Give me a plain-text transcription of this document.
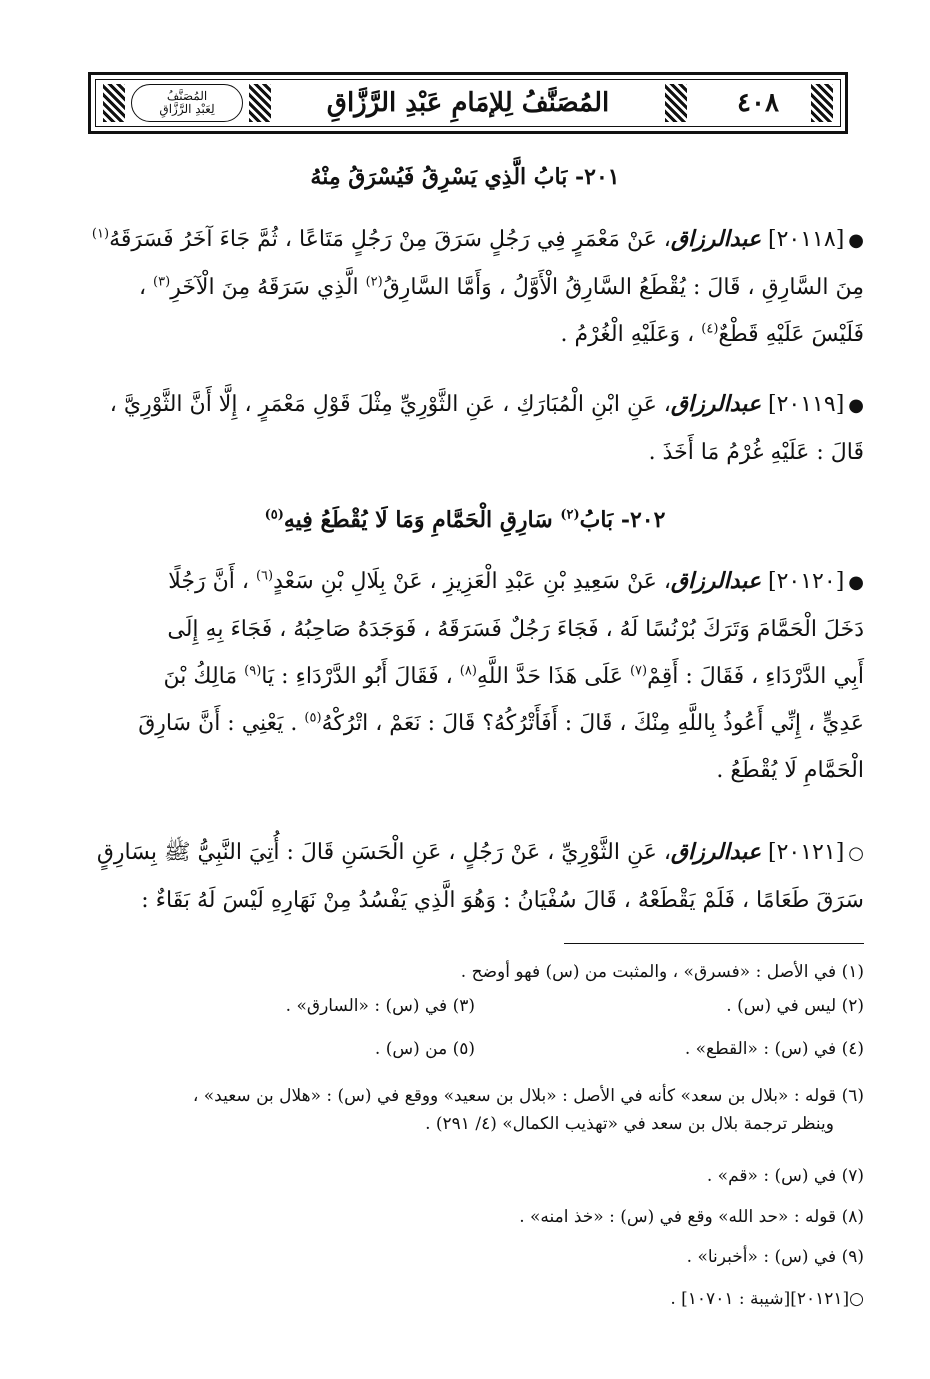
٤٠٨
المُصَنَّفُ لِلإمَامِ عَبْدِ الرَّزَّاقِ
المُصَنَّفُ
لِعَبْدِ الرَّزَّاقِ
٢٠١- بَابُ الَّذِي يَسْرِقُ فَيُسْرَقُ مِنْهُ
●[٢٠١١٨] عبدالرزاق، عَنْ مَعْمَرٍ فِي رَجُلٍ سَرَقَ مِنْ رَجُلٍ مَتَاعًا ، ثُمَّ جَاءَ آخَرُ فَسَرَقَهُ$^{(١)}$
مِنَ السَّارِقِ ، قَالَ : يُقْطَعُ السَّارِقُ الْأَوَّلُ ، وَأَمَّا السَّارِقُ$^{(٢)}$ الَّذِي سَرَقَهُ مِنَ الْآخَرِ$^{(٣)}$ ،
فَلَيْسَ عَلَيْهِ قَطْعٌ$^{(٤)}$ ، وَعَلَيْهِ الْغُرْمُ .
●[٢٠١١٩] عبدالرزاق، عَنِ ابْنِ الْمُبَارَكِ ، عَنِ الثَّوْرِيِّ مِثْلَ قَوْلِ مَعْمَرٍ ، إِلَّا أَنَّ الثَّوْرِيَّ ،
قَالَ : عَلَيْهِ غُرْمُ مَا أَخَذَ .
٢٠٢- بَابُ$^{(٢)}$ سَارِقِ الْحَمَّامِ وَمَا لَا يُقْطَعُ فِيهِ$^{(٥)}$
●[٢٠١٢٠] عبدالرزاق، عَنْ سَعِيدِ بْنِ عَبْدِ الْعَزِيزِ ، عَنْ بِلَالِ بْنِ سَعْدٍ$^{(٦)}$ ، أَنَّ رَجُلًا
دَخَلَ الْحَمَّامَ وَتَرَكَ بُرْنُسًا لَهُ ، فَجَاءَ رَجُلٌ فَسَرَقَهُ ، فَوَجَدَهُ صَاحِبُهُ ، فَجَاءَ بِهِ إِلَى
أَبِي الدَّرْدَاءِ ، فَقَالَ : أَقِمْ$^{(٧)}$ عَلَى هَذَا حَدَّ اللَّهِ$^{(٨)}$ ، فَقَالَ أَبُو الدَّرْدَاءِ : يَا$^{(٩)}$ مَالِكُ بْنَ
عَدِيٍّ ، إِنِّي أَعُوذُ بِاللَّهِ مِنْكَ ، قَالَ : أَفَأَتْرُكُهُ؟ قَالَ : نَعَمْ ، اتْرُكْهُ$^{(٥)}$ . يَعْنِي : أَنَّ سَارِقَ
الْحَمَّامِ لَا يُقْطَعُ .
○[٢٠١٢١] عبدالرزاق، عَنِ الثَّوْرِيِّ ، عَنْ رَجُلٍ ، عَنِ الْحَسَنِ قَالَ : أُتِيَ النَّبِيُّ ﷺ بِسَارِقٍ
سَرَقَ طَعَامًا ، فَلَمْ يَقْطَعْهُ ، قَالَ سُفْيَانُ : وَهُوَ الَّذِي يَفْسُدُ مِنْ نَهَارِهِ لَيْسَ لَهُ بَقَاءٌ :
(١) في الأصل : «فسرق» ، والمثبت من (س) فهو أوضح .
(٢) ليس في (س) .
(٣) في (س) : «السارق» .
(٤) في (س) : «القطع» .
(٥) من (س) .
(٦) قوله : «بلال بن سعد» كأنه في الأصل : «بلال بن سعيد» ووقع في (س) : «هلال بن سعيد» ،
وينظر ترجمة بلال بن سعد في «تهذيب الكمال» (٤/ ٢٩١) .
(٧) في (س) : «قم» .
(٨) قوله : «حد الله» وقع في (س) : «خذ امنه» .
(٩) في (س) : «أخبرنا» .
○[٢٠١٢١][شيبة : ١٠٧٠١] .
